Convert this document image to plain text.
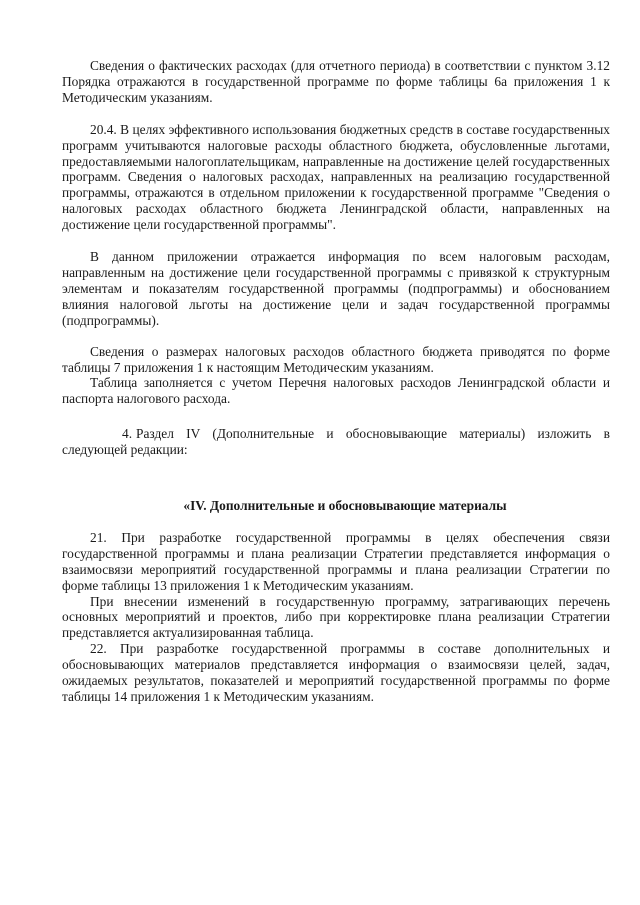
Сведения о фактических расходах (для отчетного периода) в соответствии с пунктом 3.12 Порядка отражаются в государственной программе по форме таблицы 6а приложения 1 к Методическим указаниям.

20.4. В целях эффективного использования бюджетных средств в составе государственных программ учитываются налоговые расходы областного бюджета, обусловленные льготами, предоставляемыми налогоплательщикам, направленные на достижение целей государственных программ. Сведения о налоговых расходах, направленных на реализацию государственной программы, отражаются в отдельном приложении к государственной программе "Сведения о налоговых расходах областного бюджета Ленинградской области, направленных на достижение цели государственной программы".

В данном приложении отражается информация по всем налоговым расходам, направленным на достижение цели государственной программы с привязкой к структурным элементам и показателям государственной программы (подпрограммы) и обоснованием влияния налоговой льготы на достижение цели и задач государственной программы (подпрограммы).

Сведения о размерах налоговых расходов областного бюджета приводятся по форме таблицы 7 приложения 1 к настоящим Методическим указаниям.

Таблица заполняется с учетом Перечня налоговых расходов Ленинградской области и паспорта налогового расхода.

4. Раздел IV (Дополнительные и обосновывающие материалы) изложить в следующей редакции:

«IV. Дополнительные и обосновывающие материалы

21. При разработке государственной программы в целях обеспечения связи государственной программы и плана реализации Стратегии представляется информация о взаимосвязи мероприятий государственной программы и плана реализации Стратегии по форме таблицы 13 приложения 1 к Методическим указаниям.

При внесении изменений в государственную программу, затрагивающих перечень основных мероприятий и проектов, либо при корректировке плана реализации Стратегии представляется актуализированная таблица.

22. При разработке государственной программы в составе дополнительных и обосновывающих материалов представляется информация о взаимосвязи целей, задач, ожидаемых результатов, показателей и мероприятий государственной программы по форме таблицы 14 приложения 1 к Методическим указаниям.
